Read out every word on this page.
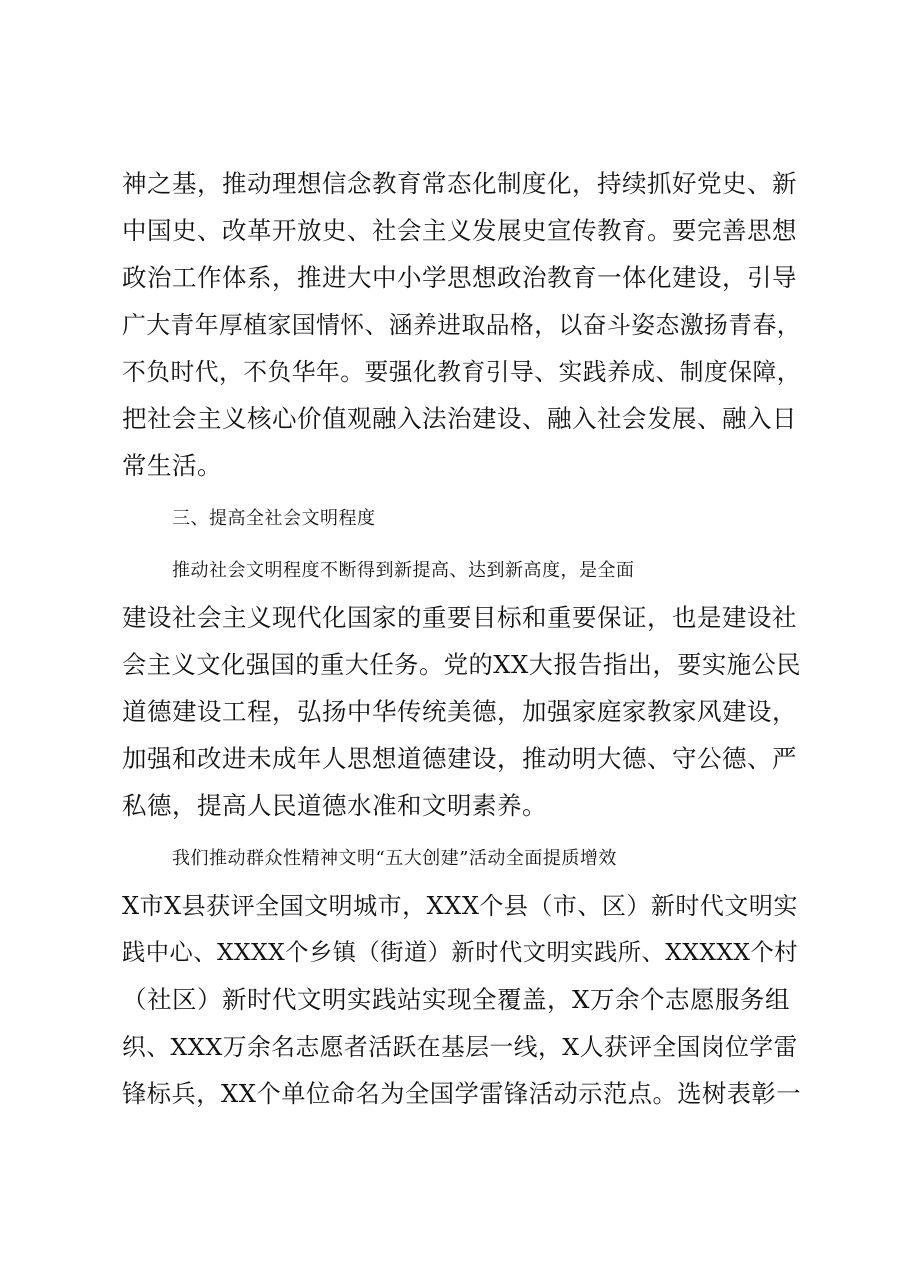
神之基，推动理想信念教育常态化制度化，持续抓好党史、新
中国史、改革开放史、社会主义发展史宣传教育。要完善思想
政治工作体系，推进大中小学思想政治教育一体化建设，引导
广大青年厚植家国情怀、涵养进取品格，以奋斗姿态激扬青春，
不负时代，不负华年。要强化教育引导、实践养成、制度保障，
把社会主义核心价值观融入法治建设、融入社会发展、融入日
常生活。
三、提高全社会文明程度
推动社会文明程度不断得到新提高、达到新高度，是全面
建设社会主义现代化国家的重要目标和重要保证，也是建设社
会主义文化强国的重大任务。党的XX大报告指出，要实施公民
道德建设工程，弘扬中华传统美德，加强家庭家教家风建设，
加强和改进未成年人思想道德建设，推动明大德、守公德、严
私德，提高人民道德水准和文明素养。
我们推动群众性精神文明“五大创建”活动全面提质增效
X市X县获评全国文明城市，XXX个县（市、区）新时代文明实
践中心、XXXX个乡镇（街道）新时代文明实践所、XXXXX个村
（社区）新时代文明实践站实现全覆盖，X万余个志愿服务组
织、XXX万余名志愿者活跃在基层一线，X人获评全国岗位学雷
锋标兵，XX个单位命名为全国学雷锋活动示范点。选树表彰一
